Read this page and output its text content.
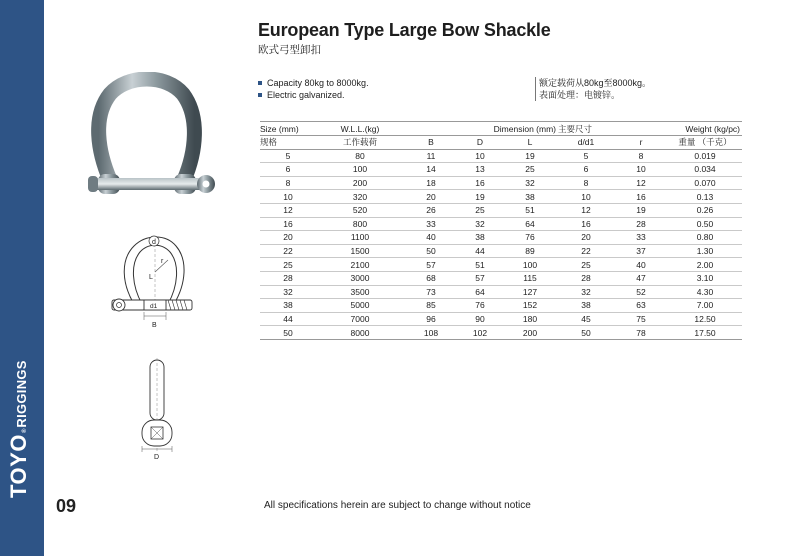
TOYO
®
RIGGINGS
09
European Type Large Bow Shackle
欧式弓型卸扣
Capacity 80kg to 8000kg.
Electric galvanized.
额定载荷从80kg至8000kg。
表面处理：电镀锌。
d
r
L
d1
B
D
Size (mm)	W.L.L.(kg)		Dimension (mm)		主要尺寸		Weight (kg/pc)
规格	工作载荷	B	D	L	d/d1	r	重量 （千克）
5	80	11	10	19	5	8	0.019
6	100	14	13	25	6	10	0.034
8	200	18	16	32	8	12	0.070
10	320	20	19	38	10	16	0.13
12	520	26	25	51	12	19	0.26
16	800	33	32	64	16	28	0.50
20	1100	40	38	76	20	33	0.80
22	1500	50	44	89	22	37	1.30
25	2100	57	51	100	25	40	2.00
28	3000	68	57	115	28	47	3.10
32	3500	73	64	127	32	52	4.30
38	5000	85	76	152	38	63	7.00
44	7000	96	90	180	45	75	12.50
50	8000	108	102	200	50	78	17.50
All specifications herein are subject to change without notice
